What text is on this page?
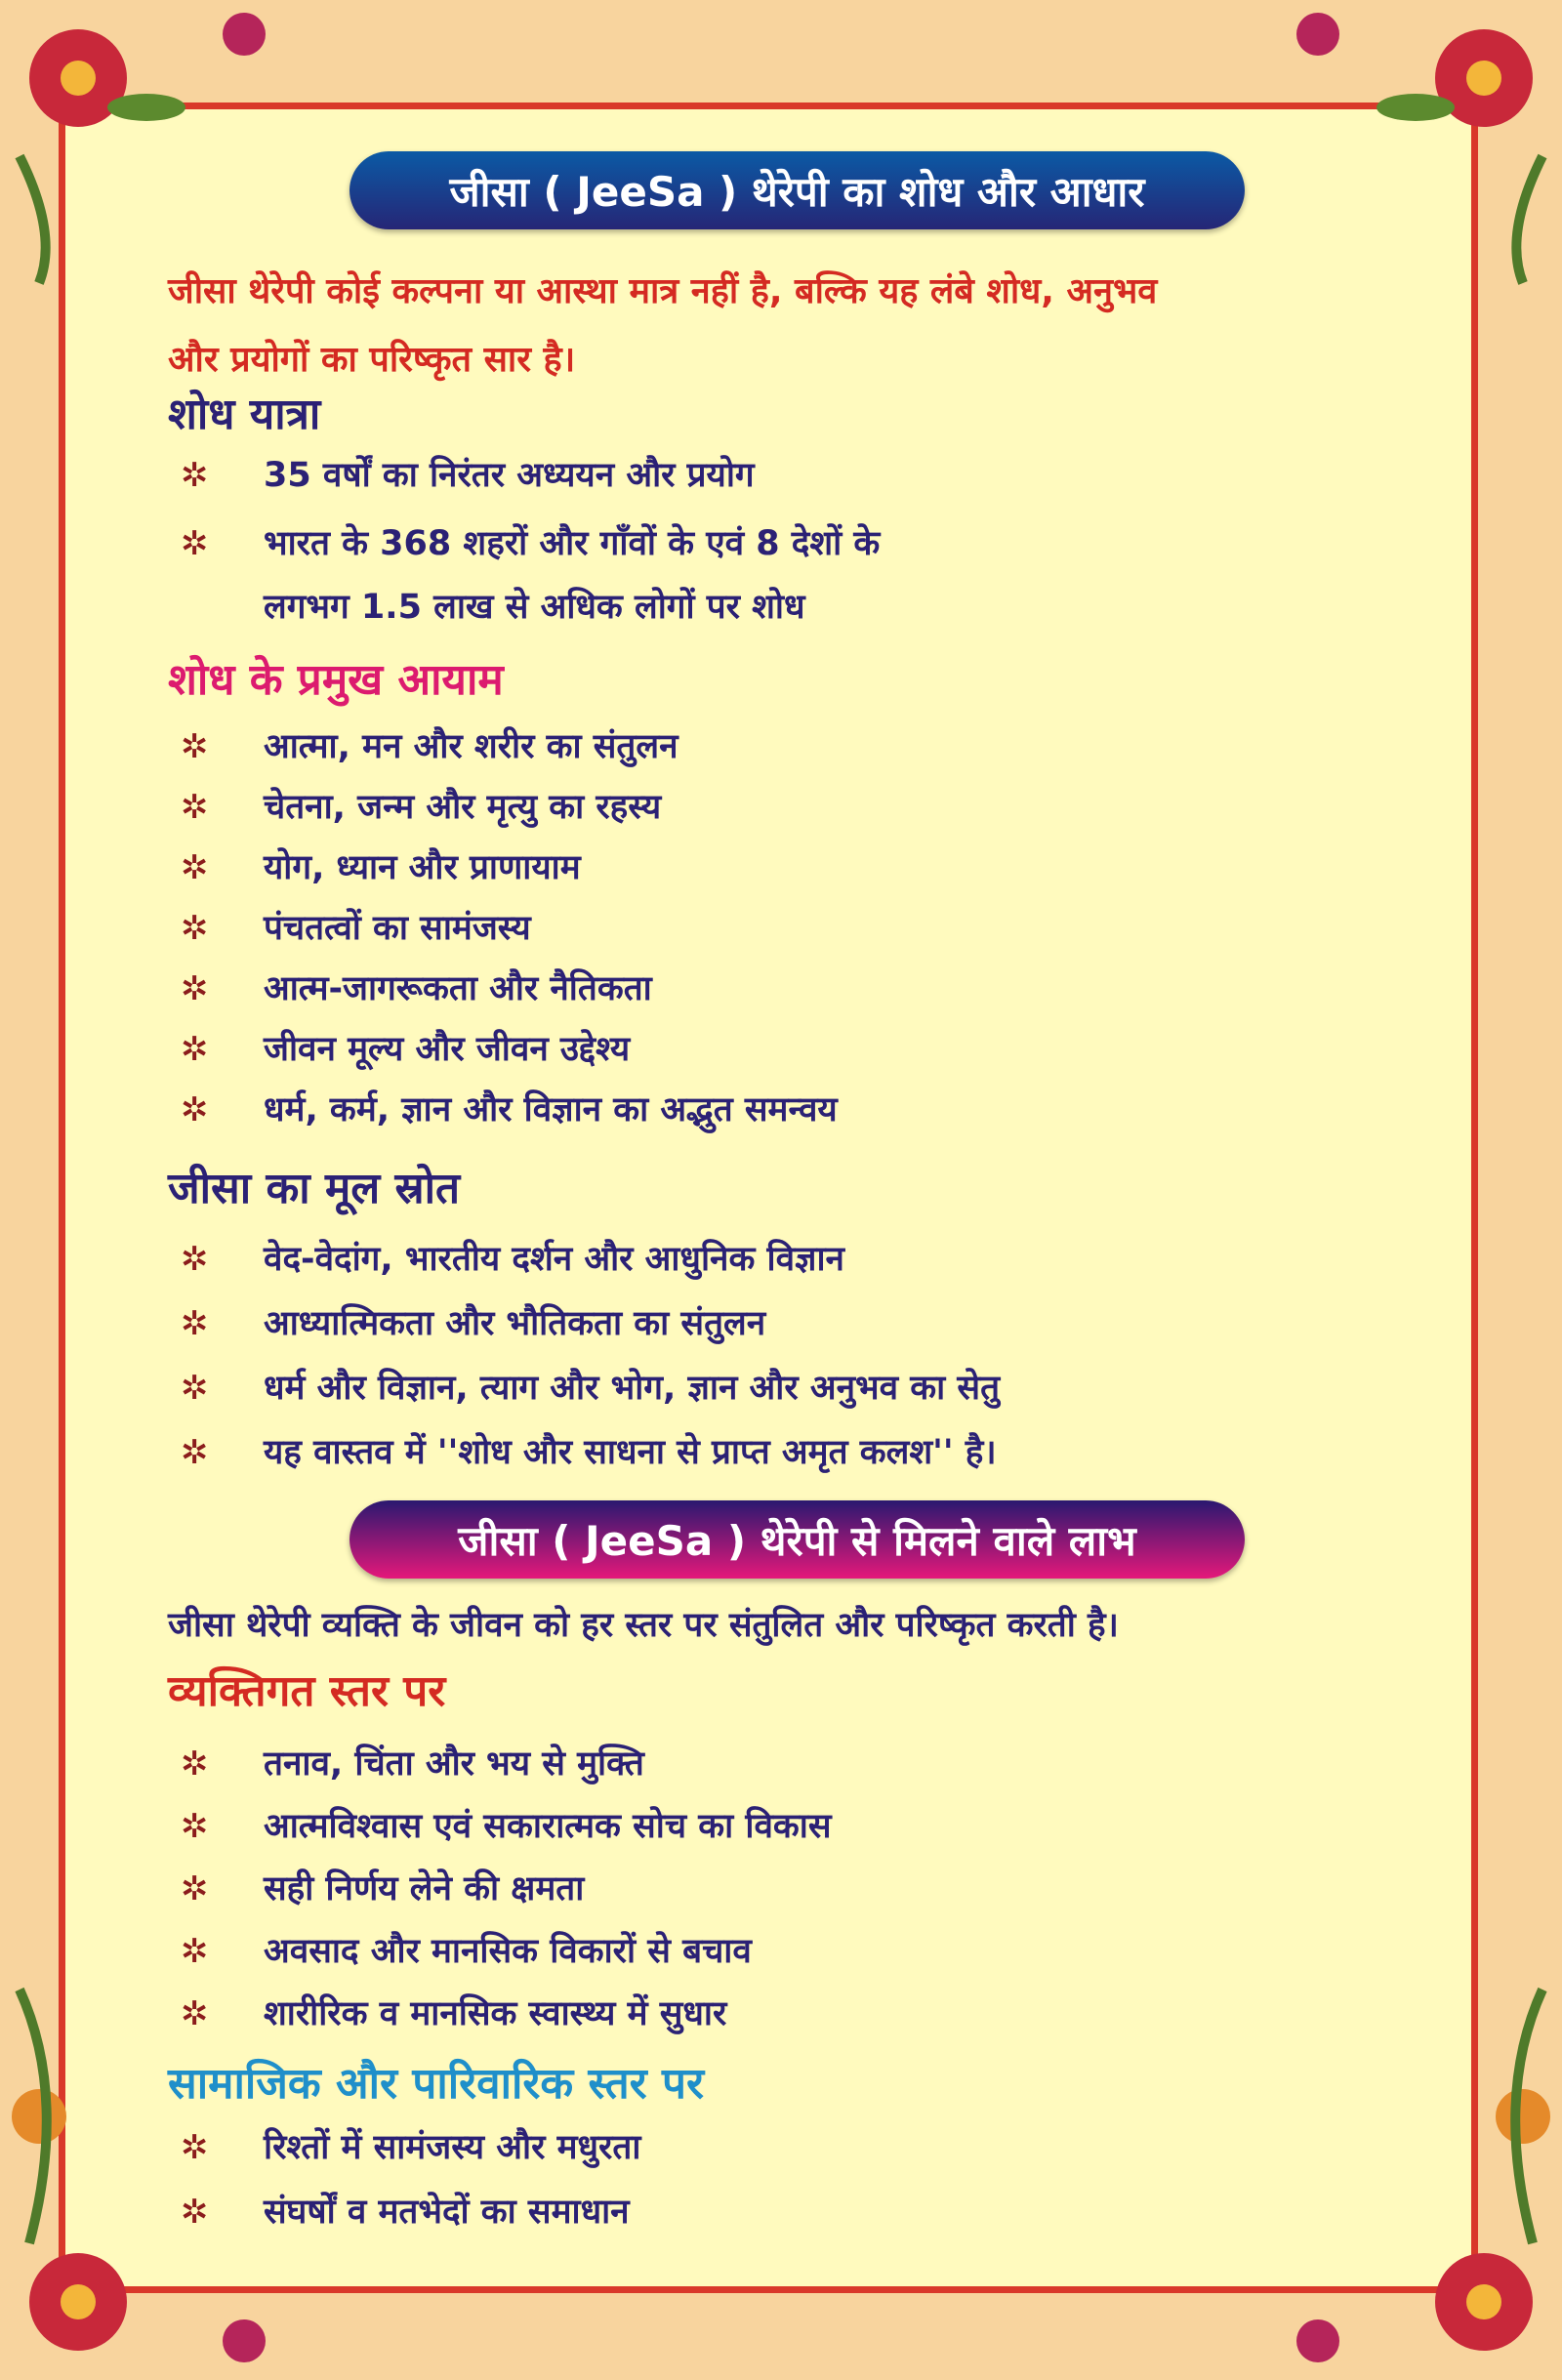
जीसा ( JeeSa ) थेरेपी का शोध और आधार
जीसा थेरेपी कोई कल्पना या आस्था मात्र नहीं है, बल्कि यह लंबे शोध, अनुभव
और प्रयोगों का परिष्कृत सार है।
शोध यात्रा
✲ 35 वर्षों का निरंतर अध्ययन और प्रयोग
✲ भारत के 368 शहरों और गाँवों के एवं 8 देशों के
लगभग 1.5 लाख से अधिक लोगों पर शोध
शोध के प्रमुख आयाम
✲ आत्मा, मन और शरीर का संतुलन
✲ चेतना, जन्म और मृत्यु का रहस्य
✲ योग, ध्यान और प्राणायाम
✲ पंचतत्वों का सामंजस्य
✲ आत्म-जागरूकता और नैतिकता
✲ जीवन मूल्य और जीवन उद्देश्य
✲ धर्म, कर्म, ज्ञान और विज्ञान का अद्भुत समन्वय
जीसा का मूल स्रोत
✲ वेद-वेदांग, भारतीय दर्शन और आधुनिक विज्ञान
✲ आध्यात्मिकता और भौतिकता का संतुलन
✲ धर्म और विज्ञान, त्याग और भोग, ज्ञान और अनुभव का सेतु
✲ यह वास्तव में ''शोध और साधना से प्राप्त अमृत कलश'' है।
जीसा ( JeeSa ) थेरेपी से मिलने वाले लाभ
जीसा थेरेपी व्यक्ति के जीवन को हर स्तर पर संतुलित और परिष्कृत करती है।
व्यक्तिगत स्तर पर
✲ तनाव, चिंता और भय से मुक्ति
✲ आत्मविश्वास एवं सकारात्मक सोच का विकास
✲ सही निर्णय लेने की क्षमता
✲ अवसाद और मानसिक विकारों से बचाव
✲ शारीरिक व मानसिक स्वास्थ्य में सुधार
सामाजिक और पारिवारिक स्तर पर
✲ रिश्तों में सामंजस्य और मधुरता
✲ संघर्षों व मतभेदों का समाधान
